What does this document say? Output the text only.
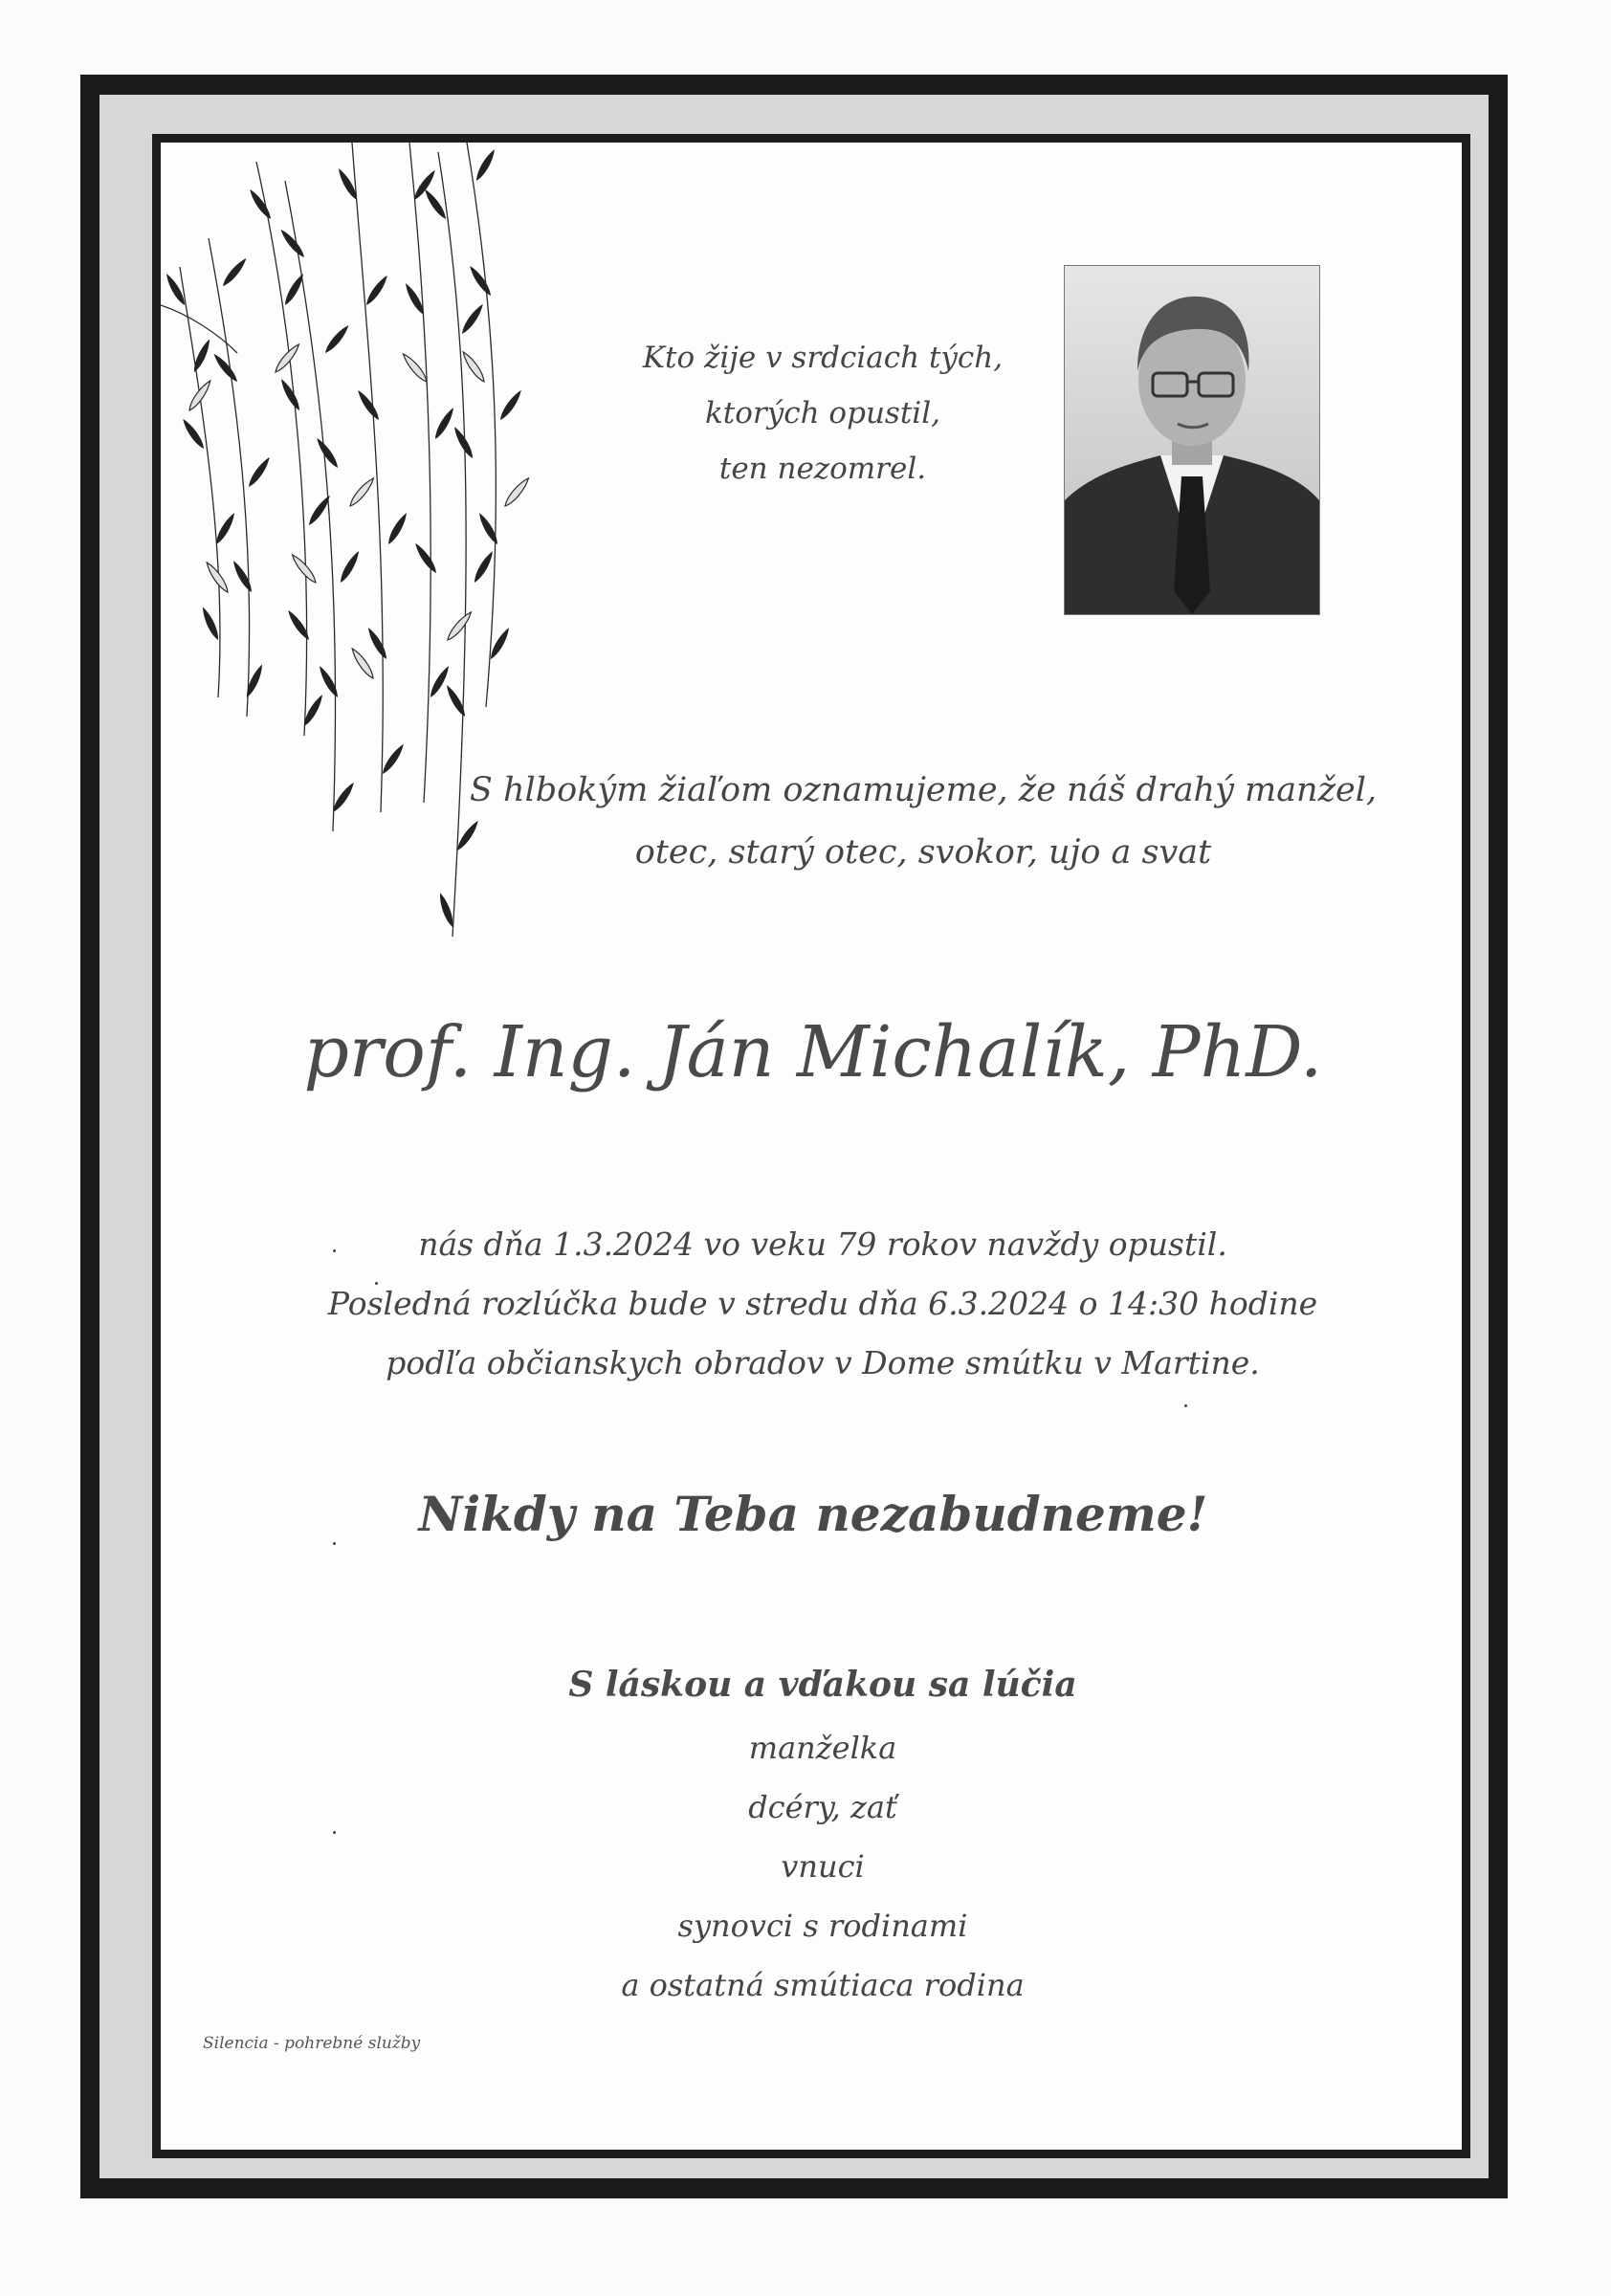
Kto žije v srdciach tých,
ktorých opustil,
ten nezomrel.
S hlbokým žiaľom oznamujeme, že náš drahý manžel,
otec, starý otec, svokor, ujo a svat
prof. Ing. Ján Michalík, PhD.
nás dňa 1.3.2024 vo veku 79 rokov navždy opustil.
Posledná rozlúčka bude v stredu dňa 6.3.2024 o 14:30 hodine
podľa občianskych obradov v Dome smútku v Martine.
Nikdy na Teba nezabudneme!
S láskou a vďakou sa lúčia
manželka
dcéry, zať
vnuci
synovci s rodinami
a ostatná smútiaca rodina
Silencia - pohrebné služby
